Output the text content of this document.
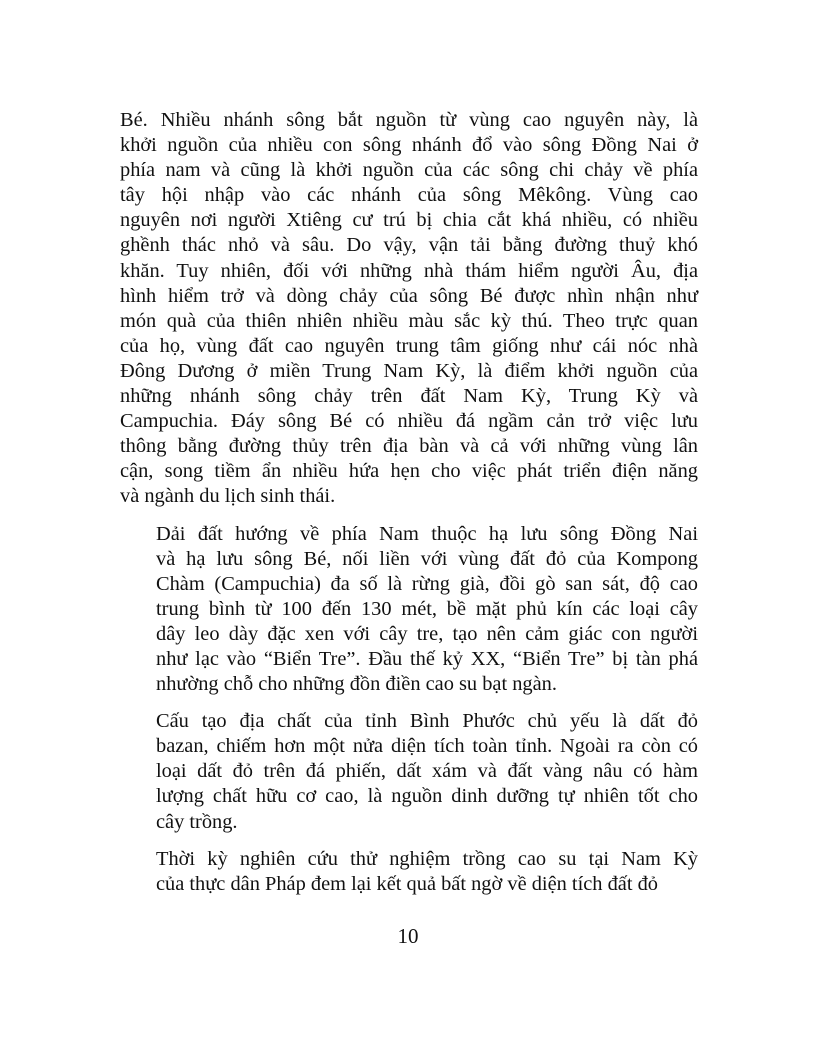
Bé. Nhiều nhánh sông bắt nguồn từ vùng cao nguyên này, là
khởi nguồn của nhiều con sông nhánh đổ vào sông Đồng Nai ở
phía nam và cũng là khởi nguồn của các sông chi chảy về phía
tây hội nhập vào các nhánh của sông Mêkông. Vùng cao
nguyên nơi người Xtiêng cư trú bị chia cắt khá nhiều, có nhiều
ghềnh thác nhỏ và sâu. Do vậy, vận tải bằng đường thuỷ khó
khăn. Tuy nhiên, đối với những nhà thám hiểm người Âu, địa
hình hiểm trở và dòng chảy của sông Bé được nhìn nhận như
món quà của thiên nhiên nhiều màu sắc kỳ thú. Theo trực quan
của họ, vùng đất cao nguyên trung tâm giống như cái nóc nhà
Đông Dương ở miền Trung Nam Kỳ, là điểm khởi nguồn của
những nhánh sông chảy trên đất Nam Kỳ, Trung Kỳ và
Campuchia. Đáy sông Bé có nhiều đá ngầm cản trở việc lưu
thông bằng đường thủy trên địa bàn và cả với những vùng lân
cận, song tiềm ẩn nhiều hứa hẹn cho việc phát triển điện năng
và ngành du lịch sinh thái.

Dải đất hướng về phía Nam thuộc hạ lưu sông Đồng Nai
và hạ lưu sông Bé, nối liền với vùng đất đỏ của Kompong
Chàm (Campuchia) đa số là rừng già, đồi gò san sát, độ cao
trung bình từ 100 đến 130 mét, bề mặt phủ kín các loại cây
dây leo dày đặc xen với cây tre, tạo nên cảm giác con người
như lạc vào “Biển Tre”. Đầu thế kỷ XX, “Biển Tre” bị tàn phá
nhường chỗ cho những đồn điền cao su bạt ngàn.

Cấu tạo địa chất của tỉnh Bình Phước chủ yếu là dất đỏ
bazan, chiếm hơn một nửa diện tích toàn tỉnh. Ngoài ra còn có
loại dất đỏ trên đá phiến, dất xám và đất vàng nâu có hàm
lượng chất hữu cơ cao, là nguồn dinh dưỡng tự nhiên tốt cho
cây trồng.

Thời kỳ nghiên cứu thử nghiệm trồng cao su tại Nam Kỳ
của thực dân Pháp đem lại kết quả bất ngờ về diện tích đất đỏ

10
